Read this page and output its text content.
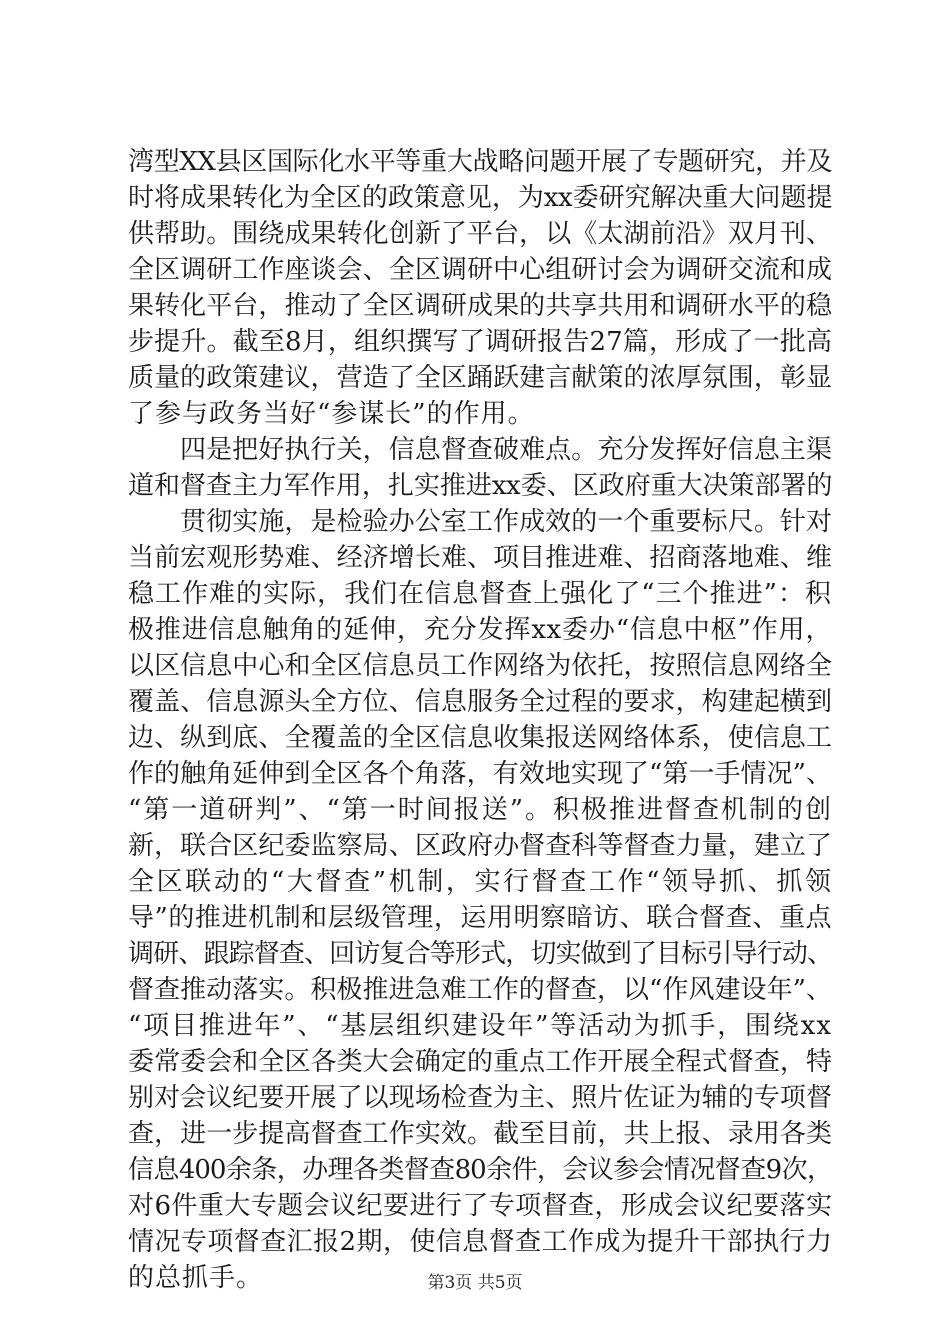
湾型XX县区国际化水平等重大战略问题开展了专题研究，并及
时将成果转化为全区的政策意见，为xx委研究解决重大问题提
供帮助。围绕成果转化创新了平台，以《太湖前沿》双月刊、
全区调研工作座谈会、全区调研中心组研讨会为调研交流和成
果转化平台，推动了全区调研成果的共享共用和调研水平的稳
步提升。截至8月，组织撰写了调研报告27篇，形成了一批高
质量的政策建议，营造了全区踊跃建言献策的浓厚氛围，彰显
了参与政务当好“参谋长”的作用。
四是把好执行关，信息督查破难点。充分发挥好信息主渠
道和督查主力军作用，扎实推进xx委、区政府重大决策部署的
贯彻实施，是检验办公室工作成效的一个重要标尺。针对
当前宏观形势难、经济增长难、项目推进难、招商落地难、维
稳工作难的实际，我们在信息督查上强化了“三个推进”：积
极推进信息触角的延伸，充分发挥xx委办“信息中枢”作用，
以区信息中心和全区信息员工作网络为依托，按照信息网络全
覆盖、信息源头全方位、信息服务全过程的要求，构建起横到
边、纵到底、全覆盖的全区信息收集报送网络体系，使信息工
作的触角延伸到全区各个角落，有效地实现了“第一手情况”、
“第一道研判”、“第一时间报送”。积极推进督查机制的创
新，联合区纪委监察局、区政府办督查科等督查力量，建立了
全区联动的“大督查”机制，实行督查工作“领导抓、抓领
导”的推进机制和层级管理，运用明察暗访、联合督查、重点
调研、跟踪督查、回访复合等形式，切实做到了目标引导行动、
督查推动落实。积极推进急难工作的督查，以“作风建设年”、
“项目推进年”、“基层组织建设年”等活动为抓手，围绕xx
委常委会和全区各类大会确定的重点工作开展全程式督查，特
别对会议纪要开展了以现场检查为主、照片佐证为辅的专项督
查，进一步提高督查工作实效。截至目前，共上报、录用各类
信息400余条，办理各类督查80余件，会议参会情况督查9次，
对6件重大专题会议纪要进行了专项督查，形成会议纪要落实
情况专项督查汇报2期，使信息督查工作成为提升干部执行力
的总抓手。	第3页 共5页
